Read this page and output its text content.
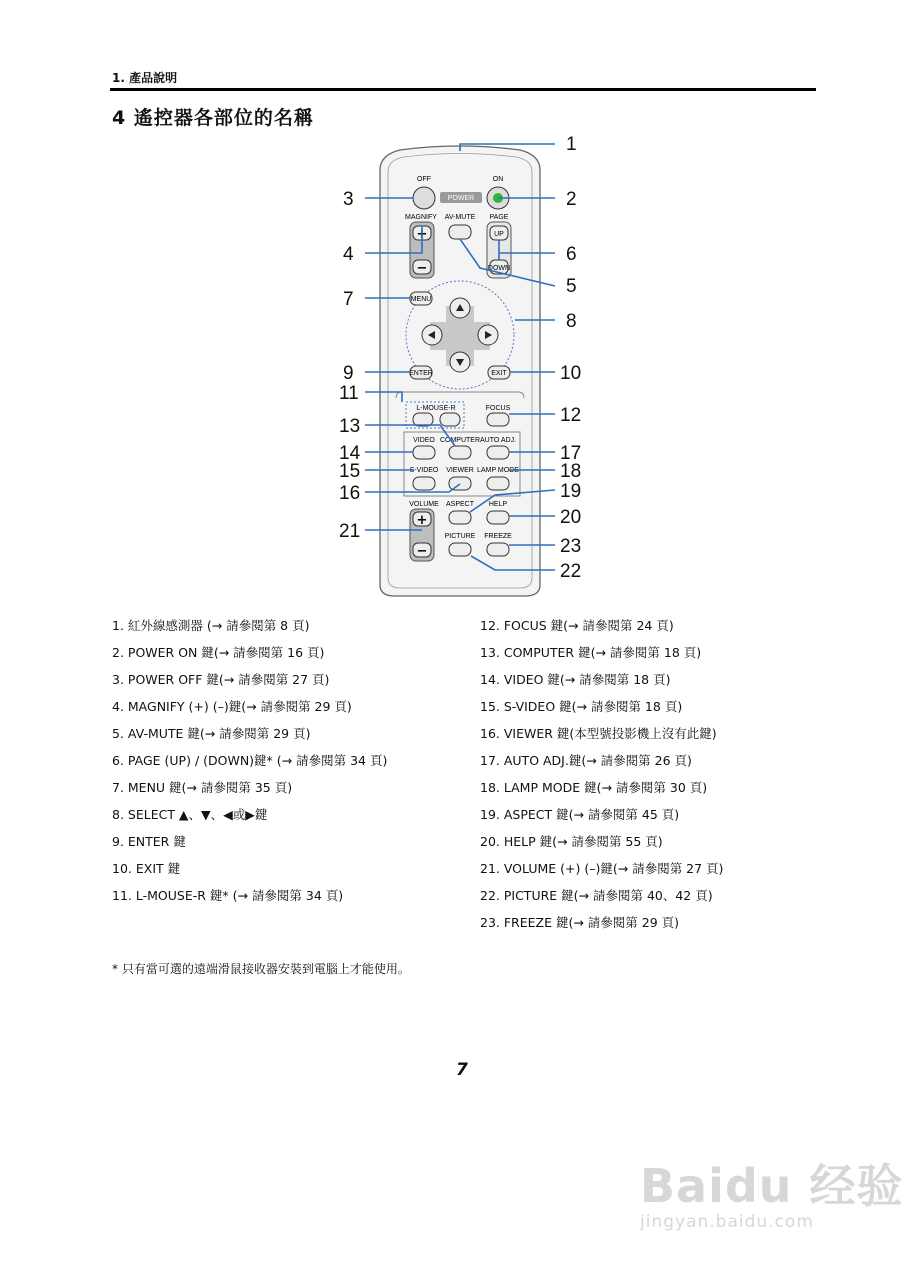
1. 產品說明
4 遙控器各部位的名稱
OFF	ON
POWER
MAGNIFY AV-MUTE PAGE
+
−
UP
DOWN
MENU
ENTER	EXIT
L-MOUSE-R	FOCUS
VIDEO COMPUTER AUTO ADJ.
S-VIDEO VIEWER LAMP MODE
VOLUME ASPECT HELP
+
−
PICTURE FREEZE
1
2
3
4
5
6
7
8
9	10
11
12
13
14
15
16
17
18
19
20
21
22
23
1. 紅外線感測器 (→ 請參閱第 8 頁)
2. POWER ON 鍵(→ 請參閱第 16 頁)
3. POWER OFF 鍵(→ 請參閱第 27 頁)
4. MAGNIFY (+) (–)鍵(→ 請參閱第 29 頁)
5. AV-MUTE 鍵(→ 請參閱第 29 頁)
6. PAGE (UP) / (DOWN)鍵* (→ 請參閱第 34 頁)
7. MENU 鍵(→ 請參閱第 35 頁)
8. SELECT ▲、▼、◀或▶鍵
9. ENTER 鍵
10. EXIT 鍵
11. L-MOUSE-R 鍵* (→ 請參閱第 34 頁)
12. FOCUS 鍵(→ 請參閱第 24 頁)
13. COMPUTER 鍵(→ 請參閱第 18 頁)
14. VIDEO 鍵(→ 請參閱第 18 頁)
15. S-VIDEO 鍵(→ 請參閱第 18 頁)
16. VIEWER 鍵(本型號投影機上沒有此鍵)
17. AUTO ADJ.鍵(→ 請參閱第 26 頁)
18. LAMP MODE 鍵(→ 請參閱第 30 頁)
19. ASPECT 鍵(→ 請參閱第 45 頁)
20. HELP 鍵(→ 請參閱第 55 頁)
21. VOLUME (+) (–)鍵(→ 請參閱第 27 頁)
22. PICTURE 鍵(→ 請參閱第 40、42 頁)
23. FREEZE 鍵(→ 請參閱第 29 頁)
* 只有當可選的遠端滑鼠接收器安裝到電腦上才能使用。
7
Baidu 经验
jingyan.baidu.com
